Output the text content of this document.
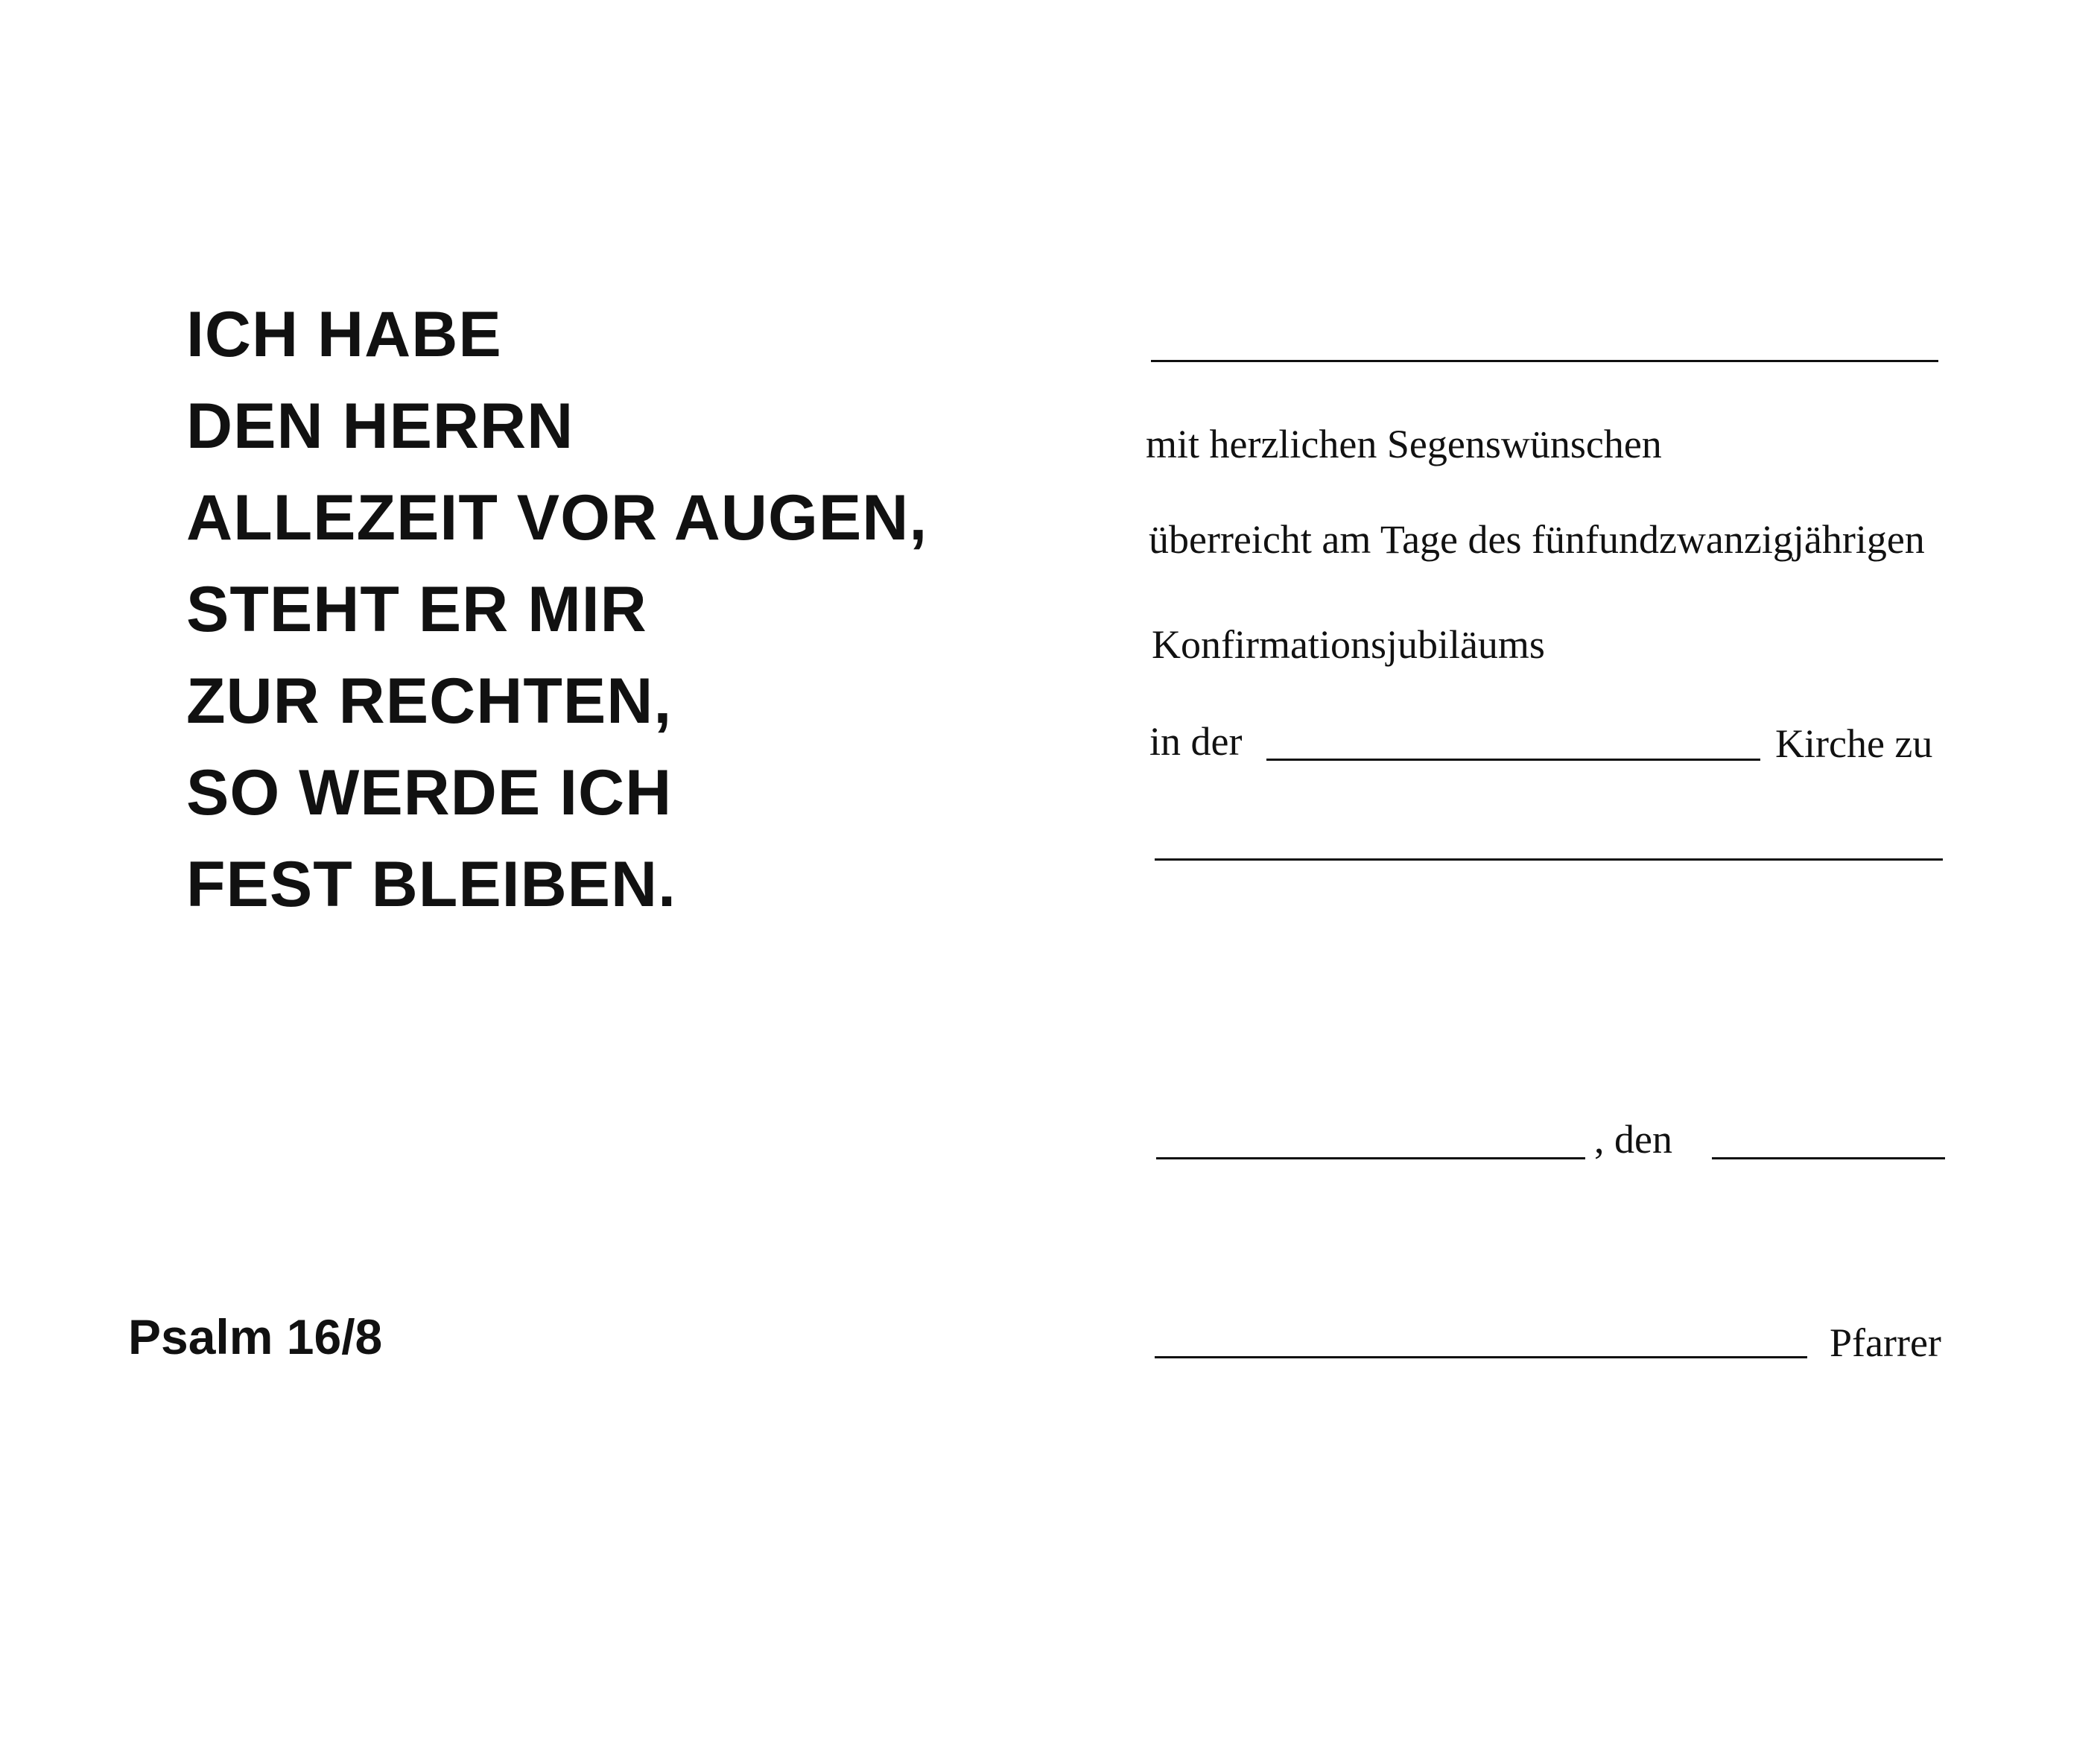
ICH HABE
DEN HERRN
ALLEZEIT VOR AUGEN,
STEHT ER MIR
ZUR RECHTEN,
SO WERDE ICH
FEST BLEIBEN.
Psalm 16/8
mit herzlichen Segenswünschen
überreicht am Tage des fünfundzwanzigjährigen
Konfirmationsjubiläums
in der	Kirche zu
, den
Pfarrer
